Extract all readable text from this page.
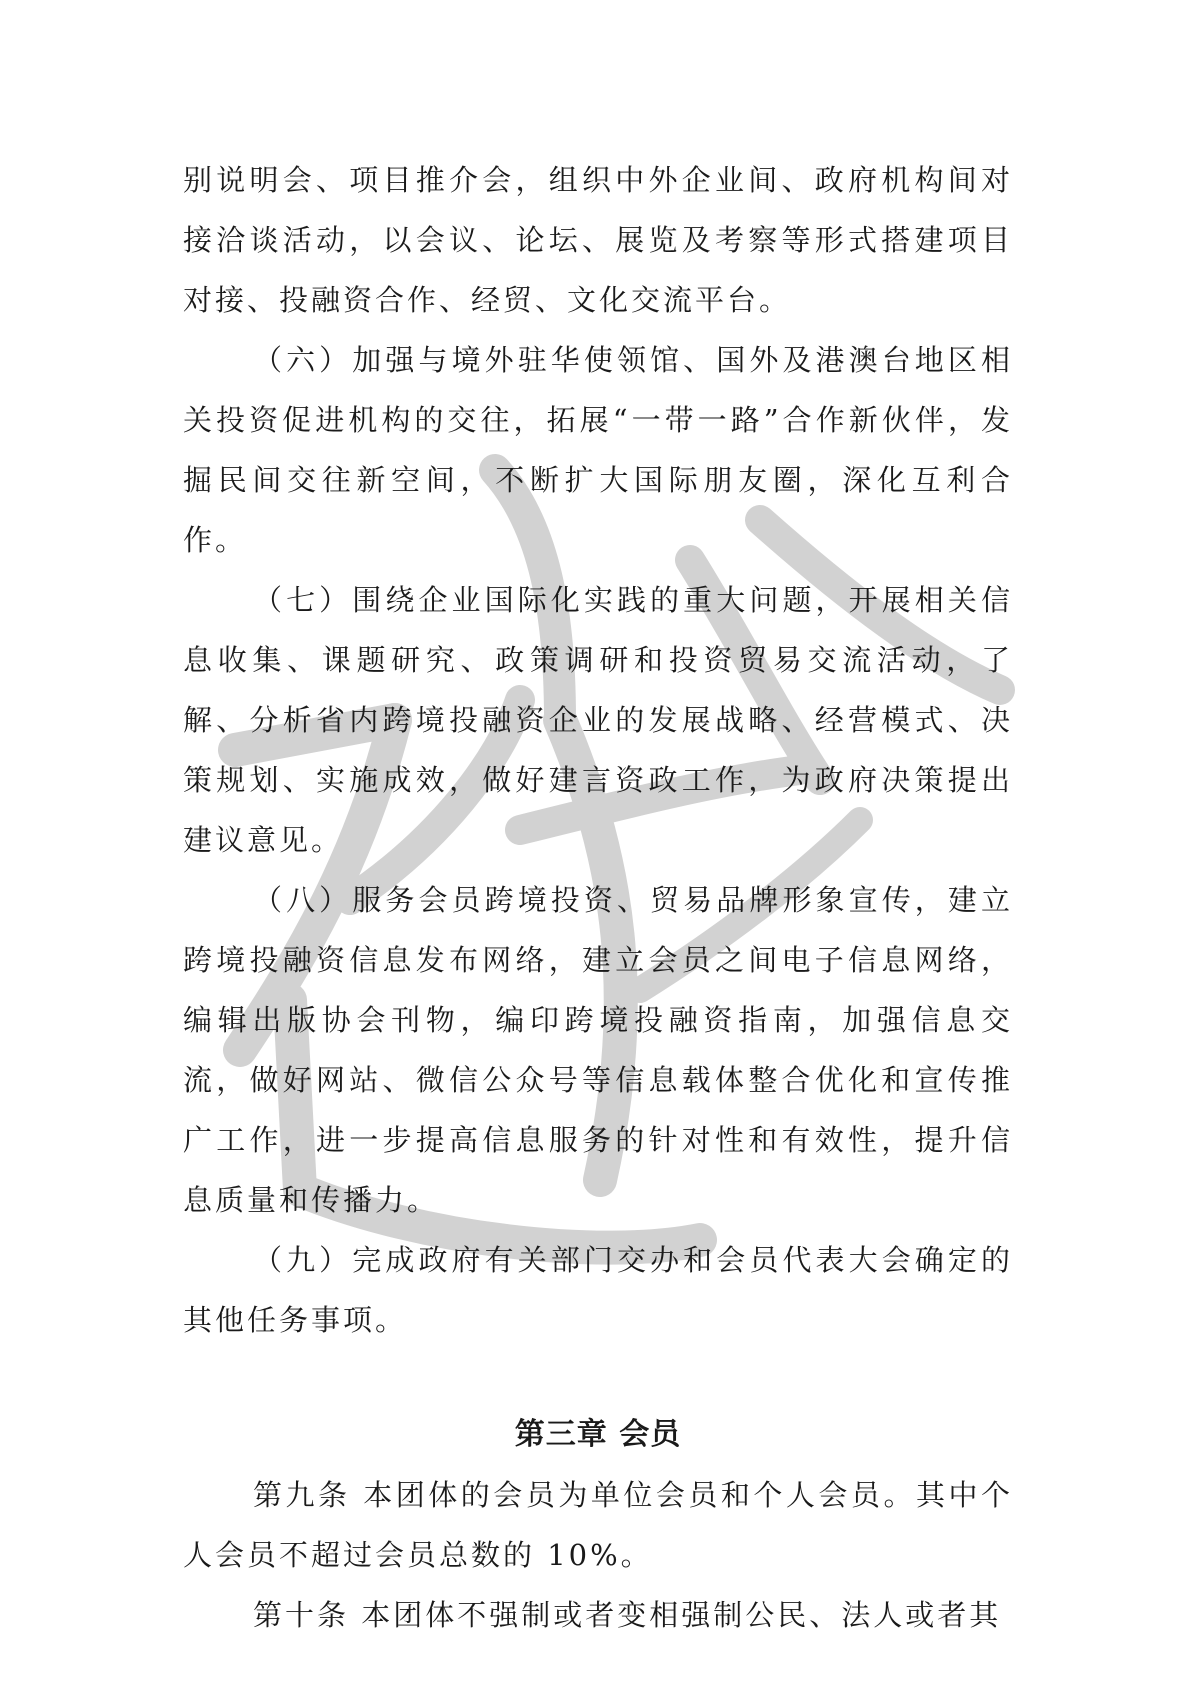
别说明会、项目推介会，组织中外企业间、政府机构间对接洽谈活动，以会议、论坛、展览及考察等形式搭建项目对接、投融资合作、经贸、文化交流平台。

（六）加强与境外驻华使领馆、国外及港澳台地区相关投资促进机构的交往，拓展“一带一路”合作新伙伴，发掘民间交往新空间，不断扩大国际朋友圈，深化互利合作。

（七）围绕企业国际化实践的重大问题，开展相关信息收集、课题研究、政策调研和投资贸易交流活动，了解、分析省内跨境投融资企业的发展战略、经营模式、决策规划、实施成效，做好建言资政工作，为政府决策提出建议意见。

（八）服务会员跨境投资、贸易品牌形象宣传，建立跨境投融资信息发布网络，建立会员之间电子信息网络，编辑出版协会刊物，编印跨境投融资指南，加强信息交流，做好网站、微信公众号等信息载体整合优化和宣传推广工作，进一步提高信息服务的针对性和有效性，提升信息质量和传播力。

（九）完成政府有关部门交办和会员代表大会确定的其他任务事项。

第三章 会员

第九条 本团体的会员为单位会员和个人会员。其中个人会员不超过会员总数的 10%。

第十条 本团体不强制或者变相强制公民、法人或者其
